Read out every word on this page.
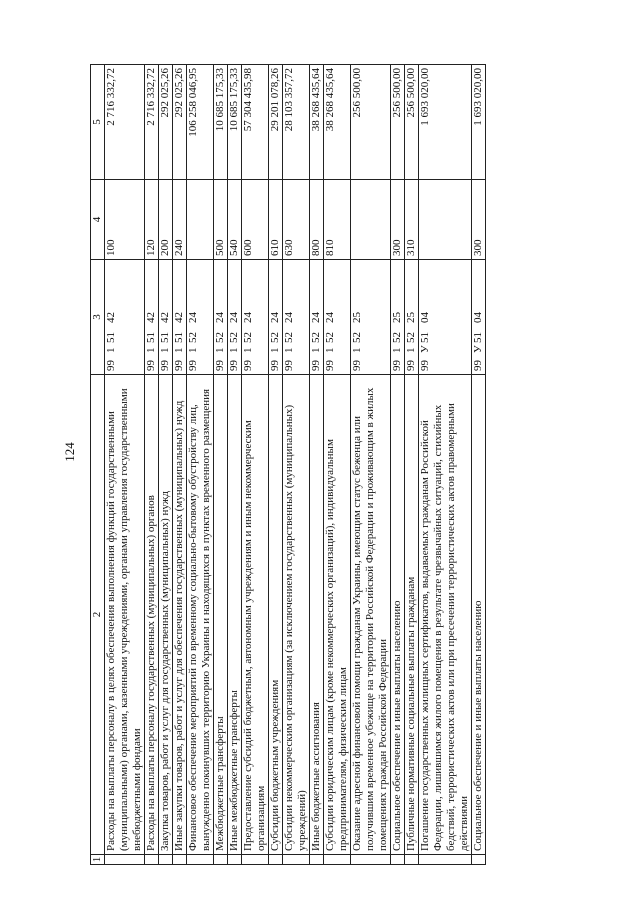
124
1	2	3	4	5
	Расходы на выплаты персоналу в целях обеспечения выполнения функций государственными (муниципальными) органами, казенными учреждениями, органами управления государственными внебюджетными фондами	9915142	100	2 716 332,72
	Расходы на выплаты персоналу государственных (муниципальных) органов	9915142	120	2 716 332,72
	Закупка товаров, работ и услуг для государственных (муниципальных) нужд	9915142	200	292 025,26
	Иные закупки товаров, работ и услуг для обеспечения государственных (муниципальных) нужд	9915142	240	292 025,26
	Финансовое обеспечение мероприятий по временному социально-бытовому обустройству лиц, вынужденно покинувших территорию Украины и находящихся в пунктах временного размещения	9915224		106 258 046,95
	Межбюджетные трансферты	9915224	500	10 685 175,33
	Иные межбюджетные трансферты	9915224	540	10 685 175,33
	Предоставление субсидий бюджетным, автономным учреждениям и иным некоммерческим организациям	9915224	600	57 304 435,98
	Субсидии бюджетным учреждениям	9915224	610	29 201 078,26
	Субсидии некоммерческим организациям (за исключением государственных (муниципальных) учреждений)	9915224	630	28 103 357,72
	Иные бюджетные ассигнования	9915224	800	38 268 435,64
	Субсидии юридическим лицам (кроме некоммерческих организаций), индивидуальным предпринимателям, физическим лицам	9915224	810	38 268 435,64
	Оказание адресной финансовой помощи гражданам Украины, имеющим статус беженца или получившим временное убежище на территории Российской Федерации и проживающим в жилых помещениях граждан Российской Федерации	9915225		256 500,00
	Социальное обеспечение и иные выплаты населению	9915225	300	256 500,00
	Публичные нормативные социальные выплаты гражданам	9915225	310	256 500,00
	Погашение государственных жилищных сертификатов, выдаваемых гражданам Российской Федерации, лишившимся жилого помещения в результате чрезвычайных ситуаций, стихийных бедствий, террористических актов или при пресечении террористических актов правомерными действиями	99У5104		1 693 020,00
	Социальное обеспечение и иные выплаты населению	99У5104	300	1 693 020,00
